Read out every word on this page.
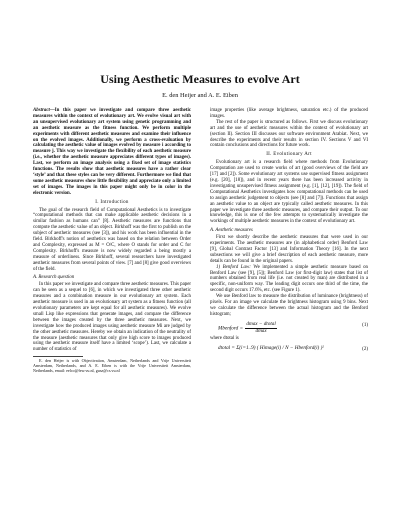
Using Aesthetic Measures to evolve Art
E. den Heijer and A. E. Eiben

Abstract—In this paper we investigate and compare three aesthetic measures within the context of evolutionary art. We evolve visual art with an unsupervised evolutionary art system using genetic programming and an aesthetic measure as the fitness function. We perform multiple experiments with different aesthetic measures and examine their influence on the evolved images. Additionally, we perform a cross-evaluation by calculating the aesthetic value of images evolved by measure i according to measure j. This way we investigate the flexibility of each aesthetic measure (i.e., whether the aesthetic measure appreciates different types of images). Last, we perform an image analysis using a fixed set of image statistics functions. The results show that aesthetic measures have a rather clear ‘style’ and that these styles can be very different. Furthermore we find that some aesthetic measures show little flexibility and appreciate only a limited set of images. The images in this paper might only be in color in the electronic version.

I. Introduction

The goal of the research field of Computational Aesthetics is to investigate “computational methods that can make applicable aesthetic decisions in a similar fashion as humans can” [8]. Aesthetic measures are functions that compute the aesthetic value of an object. Birkhoff was the first to publish on the subject of aesthetic measures (see [3]), and his work has been influential in the field. Birkhoff's notion of aesthetics was based on the relation between Order and Complexity, expressed as M = O/C, where O stands for order and C for Complexity. Birkhoff's measure is now widely regarded a being mostly a measure of orderliness. Since Birkhoff, several researchers have investigated aesthetic measures from several points of view. [7] and [8] give good overviews of the field.

A. Research question

In this paper we investigate and compare three aesthetic measures. This paper can be seen as a sequel to [6], in which we investigated three other aesthetic measures and a combination measure in our evolutionary art system. Each aesthetic measure is used in an evolutionary art system as a fitness function (all evolutionary parameters are kept equal for all aesthetic measures). We evolve small Lisp like expressions that generate images, and compare the difference between the images created by the three aesthetic measures. Next, we investigate how the produced images using aesthetic measure Mi are judged by the other aesthetic measures. Hereby we obtain an indication of the neutrality of the measure (aesthetic measures that only give high score to images produced using the aesthetic measure itself have a limited ‘scope’). Last, we calculate a number of statistics of

E. den Heijer is with Objectivation, Amsterdam, Netherlands and Vrije Universiteit Amsterdam, Netherlands, and A. E. Eiben is with the Vrije Universiteit Amsterdam, Netherlands, email: eelco@few.vu.nl, gusz@cs.vu.nl

image properties (like average brightness, saturation etc.) of the produced images.

The rest of the paper is structured as follows. First we discuss evolutionary art and the use of aesthetic measures within the context of evolutionary art (section II). Section III discusses our software environment Arabiat. Next, we describe the experiments and their results in section IV. Sections V and VI contain conclusions and directions for future work.

II. Evolutionary Art

Evolutionary art is a research field where methods from Evolutionary Computation are used to create works of art (good overviews of the field are [17] and [2]). Some evolutionary art systems use supervised fitness assignment (e.g. [20], [18]), and in recent years there has been increased activity in investigating unsupervised fitness assignment (e.g. [1], [12], [19]). The field of Computational Aesthetics investigates how computational methods can be used to assign aesthetic judgement to objects (see [8] and [7]). Functions that assign an aesthetic value to an object are typically called aesthetic measures. In this paper we investigate three aesthetic measures, and compare their output. To our knowledge, this is one of the few attempts to systematically investigate the workings of multiple aesthetic measures in the context of evolutionary art.

A. Aesthetic measures

First we shortly describe the aesthetic measures that were used in our experiments. The aesthetic measures are (in alphabetical order) Benford Law [9], Global Contrast Factor [13] and Information Theory [16]. In the next subsections we will give a brief description of each aesthetic measure, more details can be found in the original papers.

1) Benford Law: We implemented a simple aesthetic measure based on Benford Law (see [9], [5]); Benford Law (or first-digit law) states that list of numbers obtained from real life (i.e. not created by man) are distributed in a specific, non-uniform way. The leading digit occurs one third of the time, the second digit occurs 17.6%, etc. (see Figure 1).

We use Benford law to measure the distribution of luminance (brightness) of pixels. For an image we calculate the brightness histogram using 9 bins. Next we calculate the difference between the actual histogram and the Benford histogram;

Mbenford = $\frac{\text{dmax − dtotal}}{dmax}$	(1)

where dtotal is

dtotal = Σ(i=1..9) ( Himage(i) / N − Hbenford(i) )²	(2)
